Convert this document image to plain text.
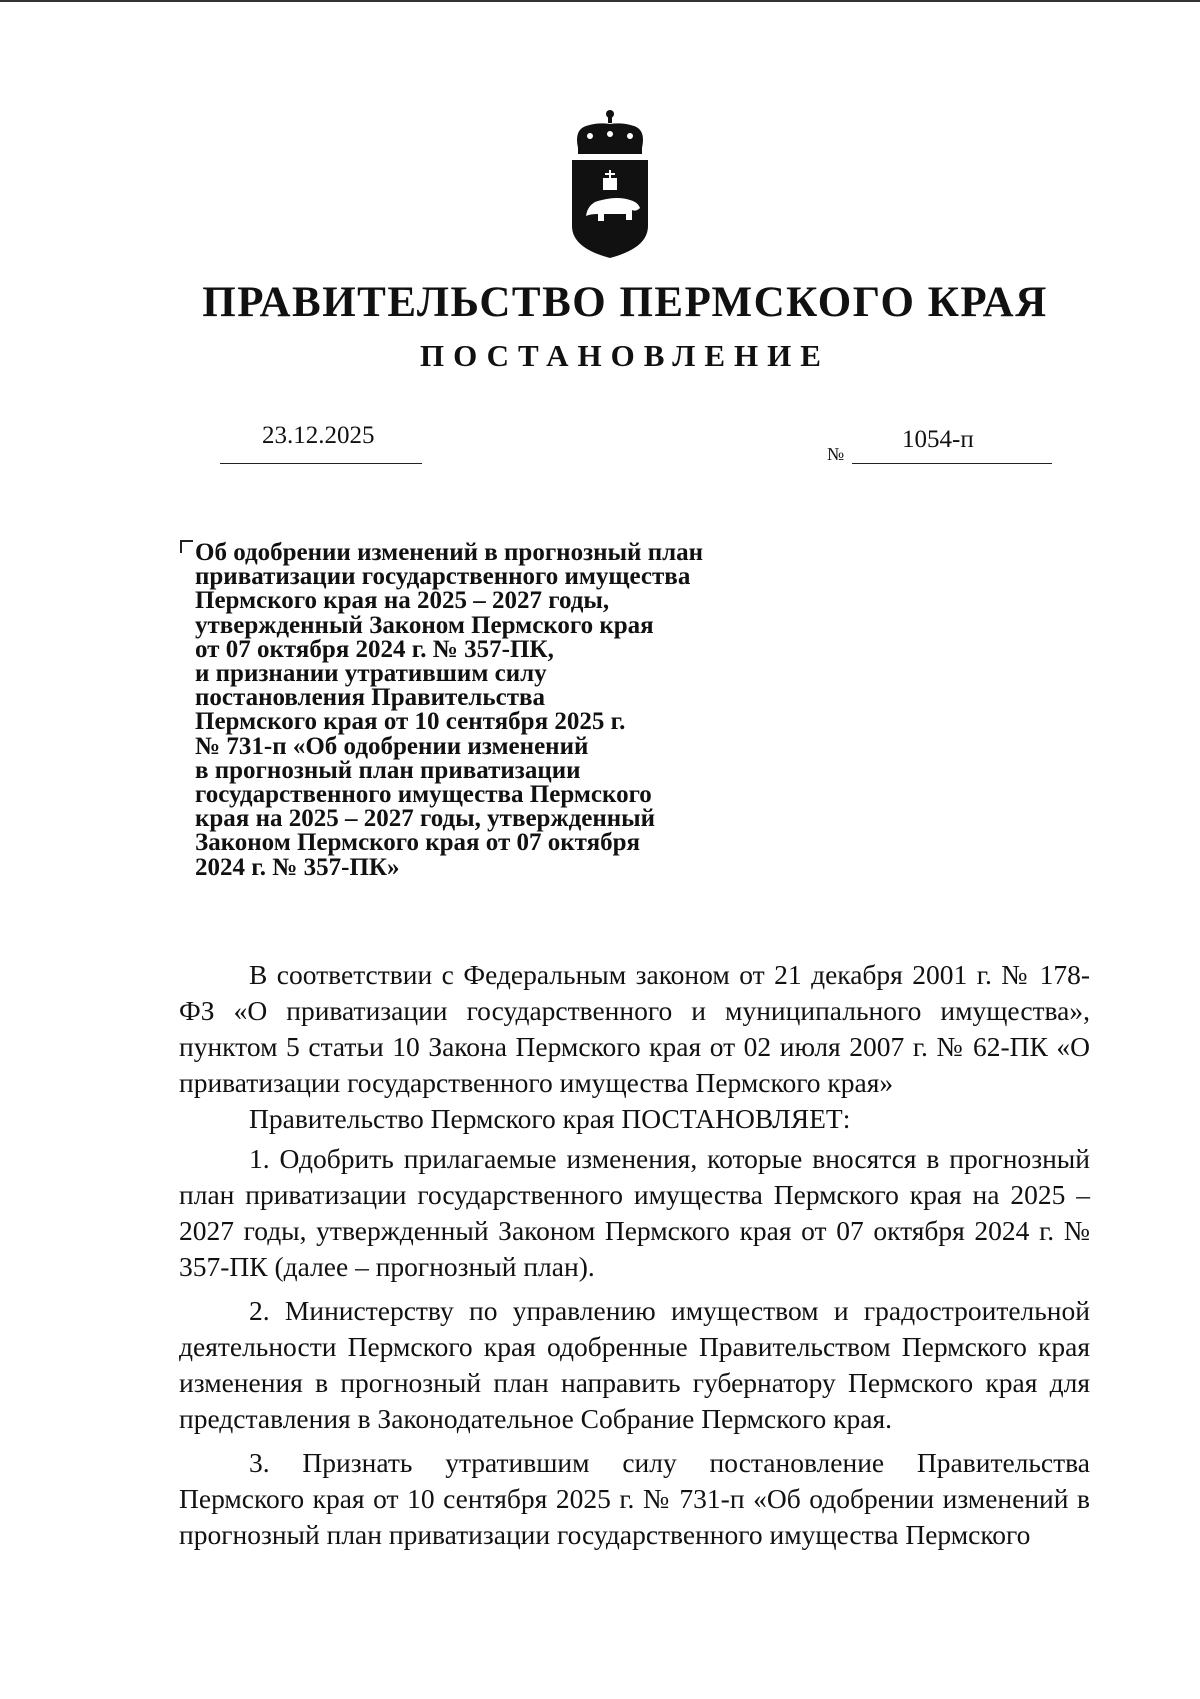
ПРАВИТЕЛЬСТВО ПЕРМСКОГО КРАЯ
ПОСТАНОВЛЕНИЕ
23.12.2025
№
1054-п
Об одобрении изменений в прогнозный план
приватизации государственного имущества
Пермского края на 2025 – 2027 годы,
утвержденный Законом Пермского края
от 07 октября 2024 г. № 357-ПК,
и признании утратившим силу
постановления Правительства
Пермского края от 10 сентября 2025 г.
№ 731-п «Об одобрении изменений
в прогнозный план приватизации
государственного имущества Пермского
края на 2025 – 2027 годы, утвержденный
Законом Пермского края от 07 октября
2024 г. № 357-ПК»

В соответствии с Федеральным законом от 21 декабря 2001 г. № 178-ФЗ «О приватизации государственного и муниципального имущества», пунктом 5 статьи 10 Закона Пермского края от 02 июля 2007 г. № 62-ПК «О приватизации государственного имущества Пермского края»

Правительство Пермского края ПОСТАНОВЛЯЕТ:

1. Одобрить прилагаемые изменения, которые вносятся в прогнозный план приватизации государственного имущества Пермского края на 2025 – 2027 годы, утвержденный Законом Пермского края от 07 октября 2024 г. № 357-ПК (далее – прогнозный план).

2. Министерству по управлению имуществом и градостроительной деятельности Пермского края одобренные Правительством Пермского края изменения в прогнозный план направить губернатору Пермского края для представления в Законодательное Собрание Пермского края.

3. Признать утратившим силу постановление Правительства Пермского края от 10 сентября 2025 г. № 731-п «Об одобрении изменений в прогнозный план приватизации государственного имущества Пермского
